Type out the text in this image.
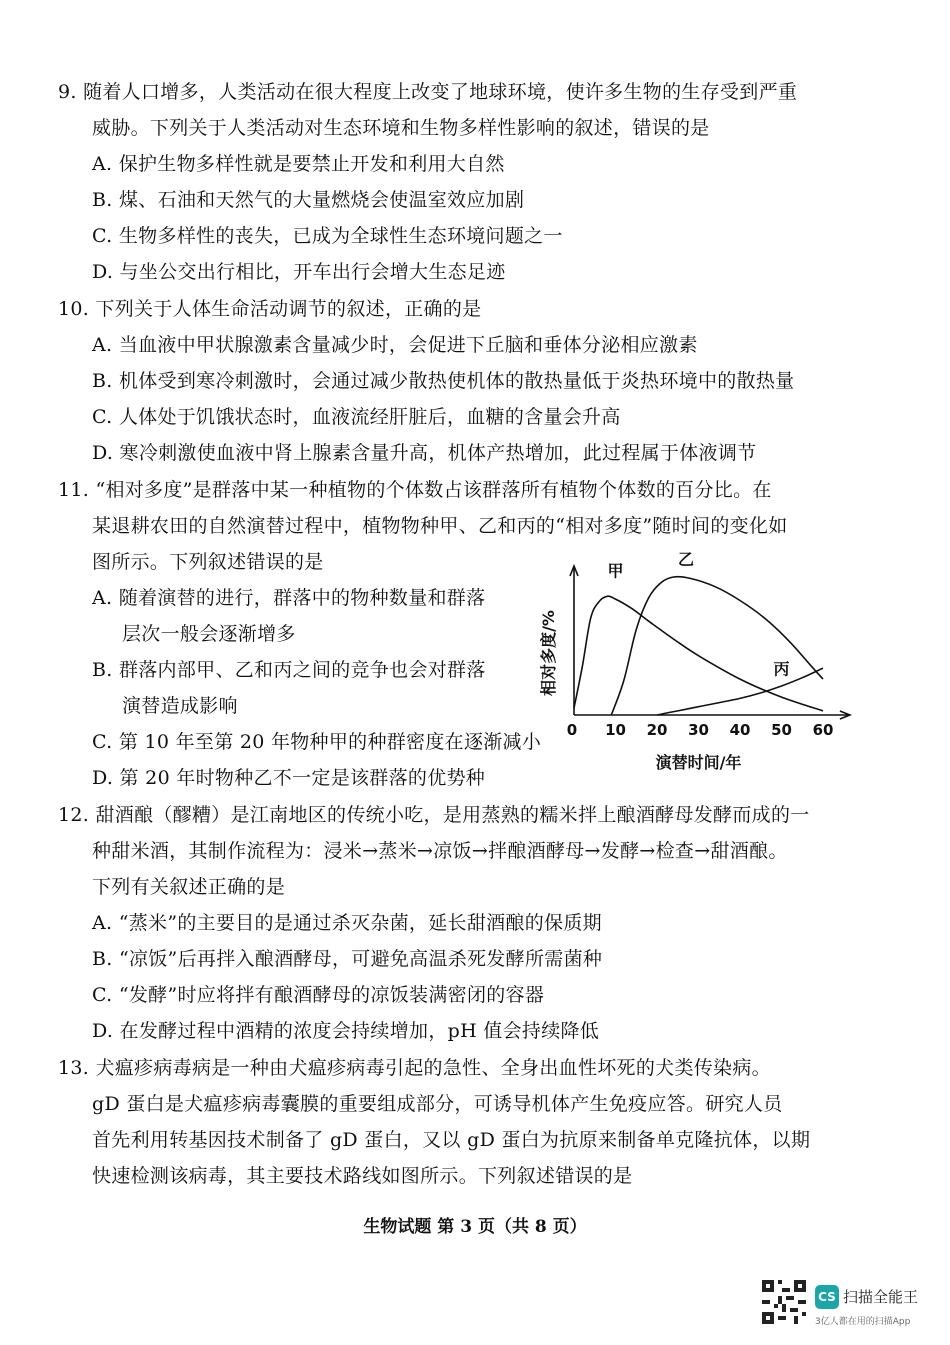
9. 随着人口增多，人类活动在很大程度上改变了地球环境，使许多生物的生存受到严重
威胁。下列关于人类活动对生态环境和生物多样性影响的叙述，错误的是
A. 保护生物多样性就是要禁止开发和利用大自然
B. 煤、石油和天然气的大量燃烧会使温室效应加剧
C. 生物多样性的丧失，已成为全球性生态环境问题之一
D. 与坐公交出行相比，开车出行会增大生态足迹
10. 下列关于人体生命活动调节的叙述，正确的是
A. 当血液中甲状腺激素含量减少时，会促进下丘脑和垂体分泌相应激素
B. 机体受到寒冷刺激时，会通过减少散热使机体的散热量低于炎热环境中的散热量
C. 人体处于饥饿状态时，血液流经肝脏后，血糖的含量会升高
D. 寒冷刺激使血液中肾上腺素含量升高，机体产热增加，此过程属于体液调节
11. “相对多度”是群落中某一种植物的个体数占该群落所有植物个体数的百分比。在
某退耕农田的自然演替过程中，植物物种甲、乙和丙的“相对多度”随时间的变化如
图所示。下列叙述错误的是
A. 随着演替的进行，群落中的物种数量和群落
层次一般会逐渐增多
B. 群落内部甲、乙和丙之间的竞争也会对群落
演替造成影响
C. 第 10 年至第 20 年物种甲的种群密度在逐渐减小
D. 第 20 年时物种乙不一定是该群落的优势种
0 10 20 30 40 50 60
演替时间/年
相对多度/%
甲
乙
丙
12. 甜酒酿（醪糟）是江南地区的传统小吃，是用蒸熟的糯米拌上酿酒酵母发酵而成的一
种甜米酒，其制作流程为：浸米→蒸米→凉饭→拌酿酒酵母→发酵→检查→甜酒酿。
下列有关叙述正确的是
A. “蒸米”的主要目的是通过杀灭杂菌，延长甜酒酿的保质期
B. “凉饭”后再拌入酿酒酵母，可避免高温杀死发酵所需菌种
C. “发酵”时应将拌有酿酒酵母的凉饭装满密闭的容器
D. 在发酵过程中酒精的浓度会持续增加，pH 值会持续降低
13. 犬瘟疹病毒病是一种由犬瘟疹病毒引起的急性、全身出血性坏死的犬类传染病。
gD 蛋白是犬瘟疹病毒囊膜的重要组成部分，可诱导机体产生免疫应答。研究人员
首先利用转基因技术制备了 gD 蛋白，又以 gD 蛋白为抗原来制备单克隆抗体，以期
快速检测该病毒，其主要技术路线如图所示。下列叙述错误的是
生物试题 第 3 页（共 8 页）
CS 扫描全能王
3亿人都在用的扫描App
